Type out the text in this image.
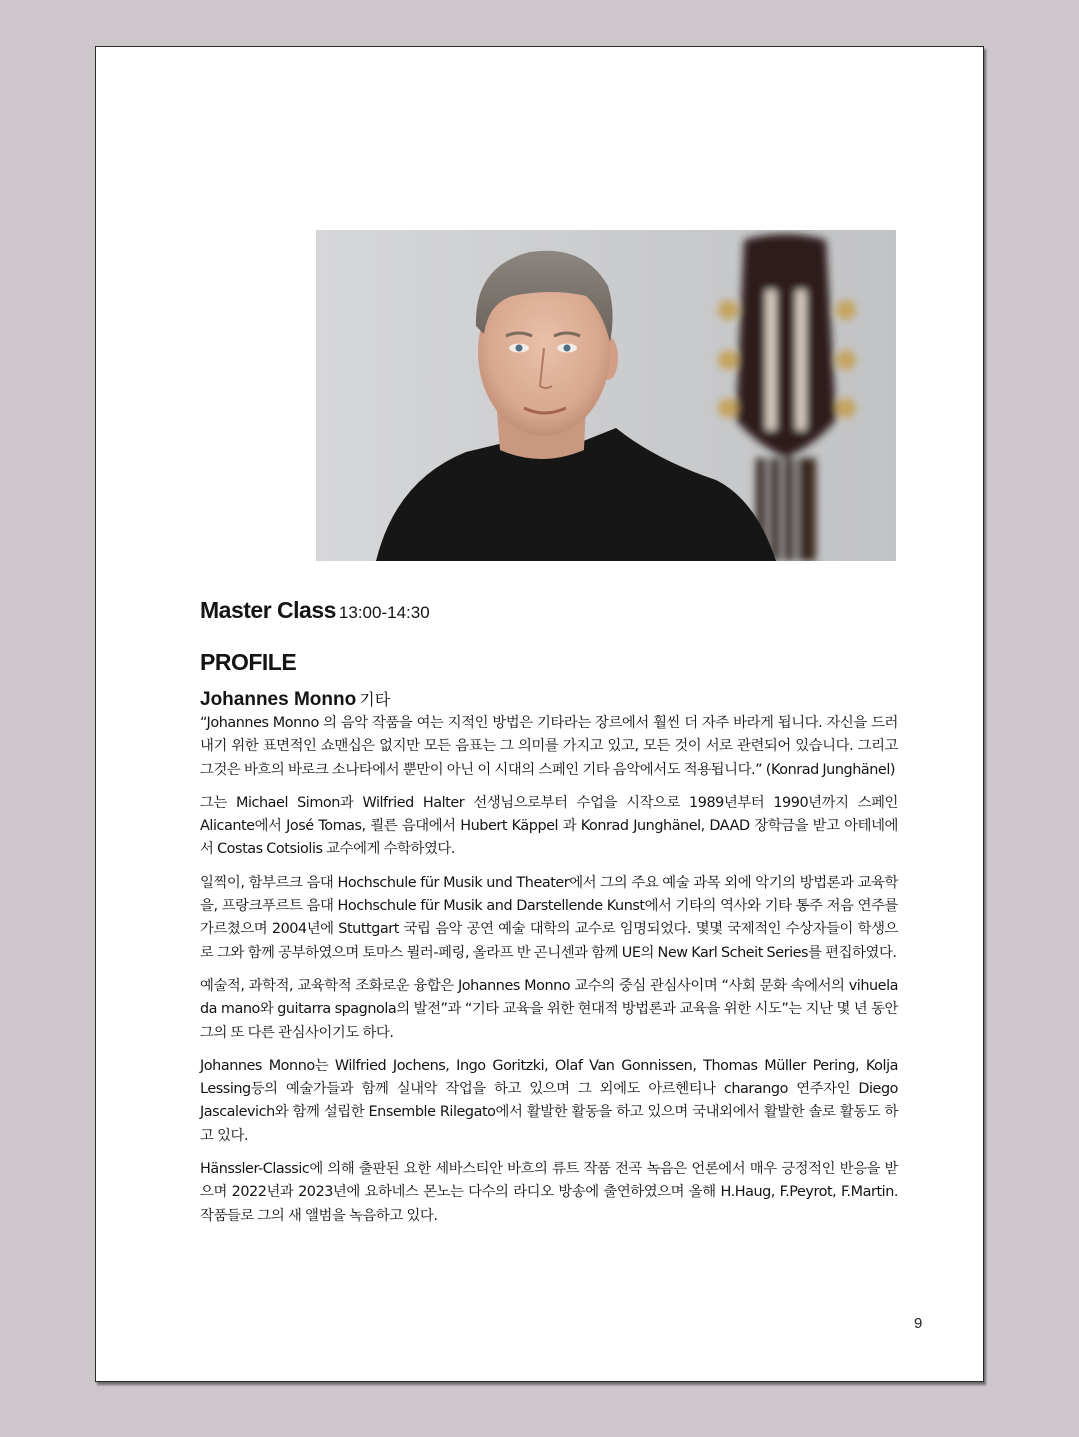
Master Class 13:00-14:30

PROFILE

Johannes Monno 기타

“Johannes Monno 의 음악 작품을 여는 지적인 방법은 기타라는 장르에서 훨씬 더 자주 바라게 됩니다. 자신을 드러내기 위한 표면적인 쇼맨십은 없지만 모든 음표는 그 의미를 가지고 있고, 모든 것이 서로 관련되어 있습니다. 그리고 그것은 바흐의 바로크 소나타에서 뿐만이 아닌 이 시대의 스페인 기타 음악에서도 적용됩니다.” (Konrad Junghänel)

그는 Michael Simon과 Wilfried Halter 선생님으로부터 수업을 시작으로 1989년부터 1990년까지 스페인 Alicante에서 José Tomas, 쾰른 음대에서 Hubert Käppel 과 Konrad Junghänel, DAAD 장학금을 받고 아테네에서 Costas Cotsiolis 교수에게 수학하였다.

일찍이, 함부르크 음대 Hochschule für Musik und Theater에서 그의 주요 예술 과목 외에 악기의 방법론과 교육학을, 프랑크푸르트 음대 Hochschule für Musik and Darstellende Kunst에서 기타의 역사와 기타 통주 저음 연주를 가르쳤으며 2004년에 Stuttgart 국립 음악 공연 예술 대학의 교수로 임명되었다. 몇몇 국제적인 수상자들이 학생으로 그와 함께 공부하였으며 토마스 뮐러-페링, 올라프 반 곤니센과 함께 UE의 New Karl Scheit Series를 편집하였다.

예술적, 과학적, 교육학적 조화로운 융합은 Johannes Monno 교수의 중심 관심사이며 “사회 문화 속에서의 vihuela da mano와 guitarra spagnola의 발전”과 “기타 교육을 위한 현대적 방법론과 교육을 위한 시도”는 지난 몇 년 동안 그의 또 다른 관심사이기도 하다.

Johannes Monno는 Wilfried Jochens, Ingo Goritzki, Olaf Van Gonnissen, Thomas Müller Pering, Kolja Lessing등의 예술가들과 함께 실내악 작업을 하고 있으며 그 외에도 아르헨티나 charango 연주자인 Diego Jascalevich와 함께 설립한 Ensemble Rilegato에서 활발한 활동을 하고 있으며 국내외에서 활발한 솔로 활동도 하고 있다.

Hänssler-Classic에 의해 출판된 요한 세바스티안 바흐의 류트 작품 전곡 녹음은 언론에서 매우 긍정적인 반응을 받으며 2022년과 2023년에 요하네스 몬노는 다수의 라디오 방송에 출연하였으며 올해 H.Haug, F.Peyrot, F.Martin.작품들로 그의 새 앨범을 녹음하고 있다.

9
